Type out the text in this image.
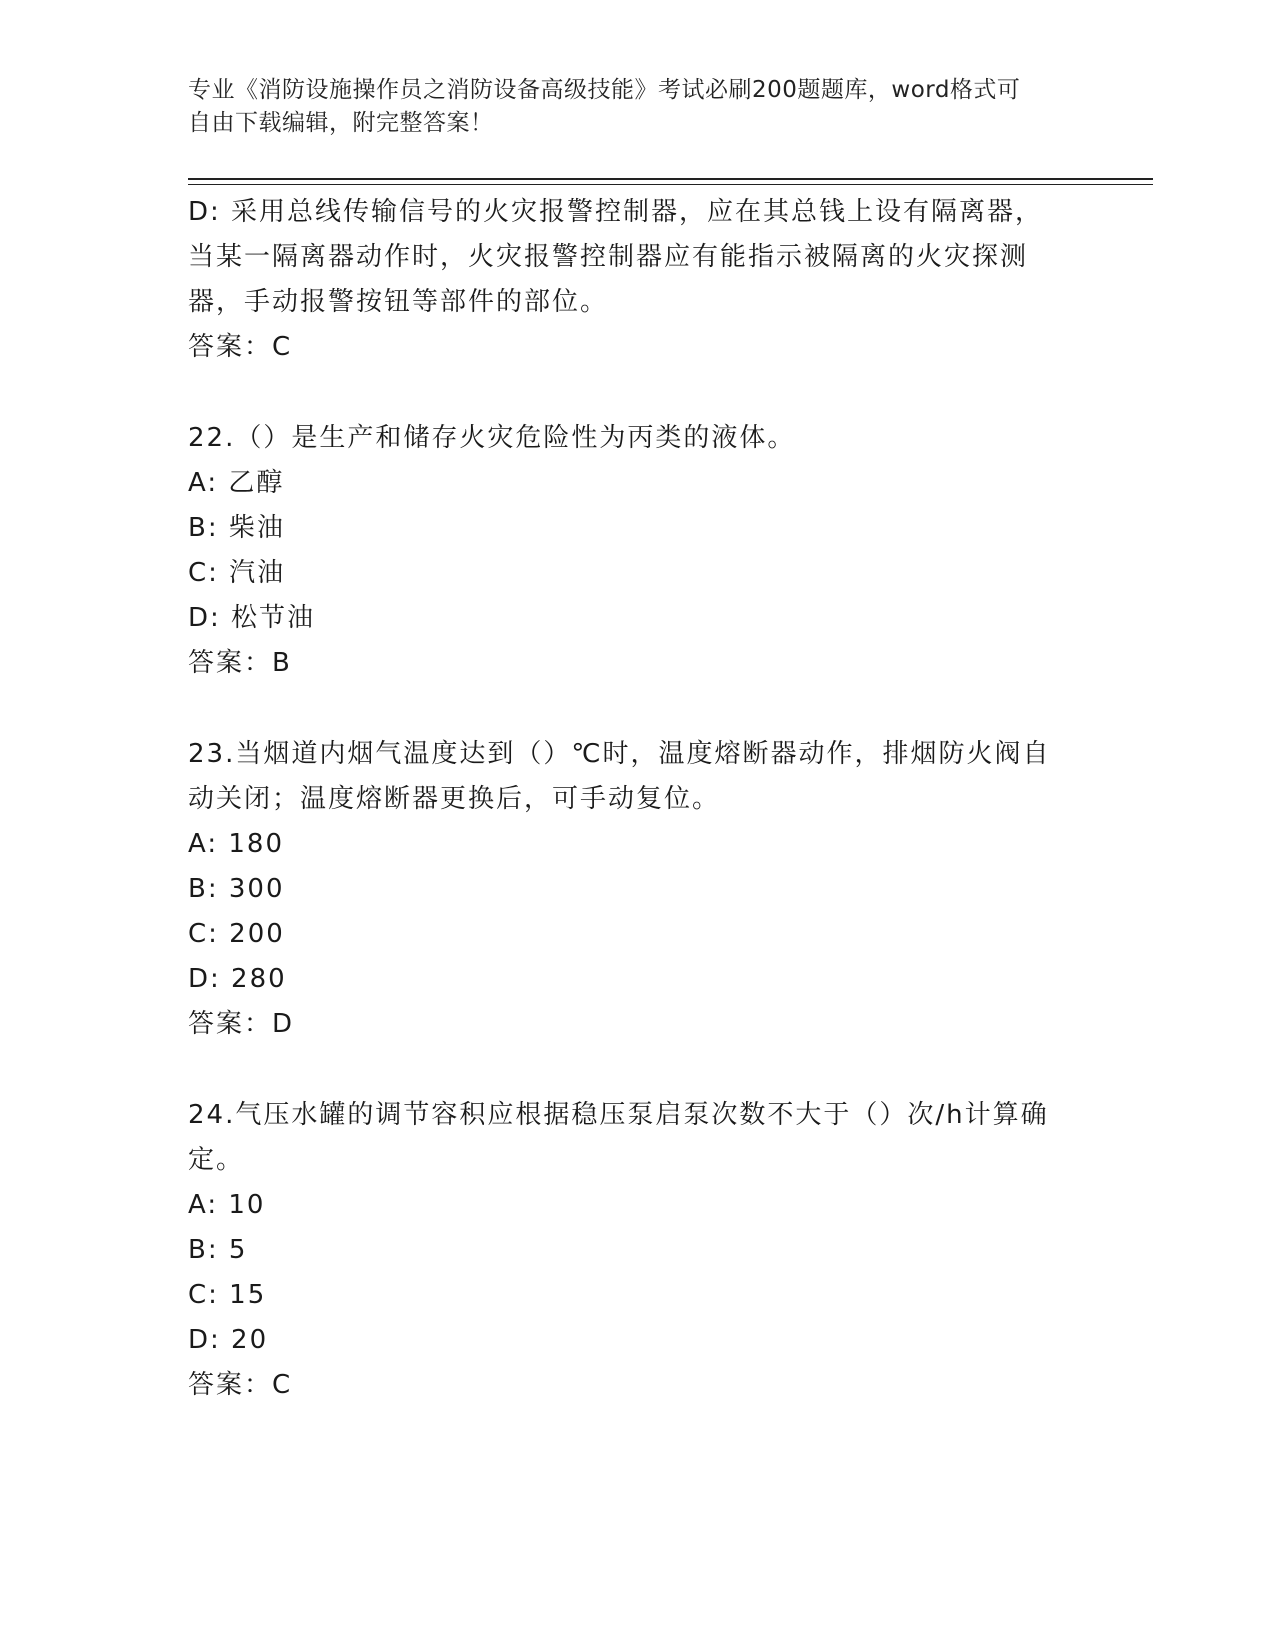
专业《消防设施操作员之消防设备高级技能》考试必刷200题题库，word格式可
自由下载编辑，附完整答案！
D: 采用总线传输信号的火灾报警控制器，应在其总钱上设有隔离器，
当某一隔离器动作时，火灾报警控制器应有能指示被隔离的火灾探测
器，手动报警按钮等部件的部位。
答案：C
22.（）是生产和储存火灾危险性为丙类的液体。
A: 乙醇
B: 柴油
C: 汽油
D: 松节油
答案：B
23.当烟道内烟气温度达到（）℃时，温度熔断器动作，排烟防火阀自
动关闭；温度熔断器更换后，可手动复位。
A: 180
B: 300
C: 200
D: 280
答案：D
24.气压水罐的调节容积应根据稳压泵启泵次数不大于（）次/h计算确
定。
A: 10
B: 5
C: 15
D: 20
答案：C
